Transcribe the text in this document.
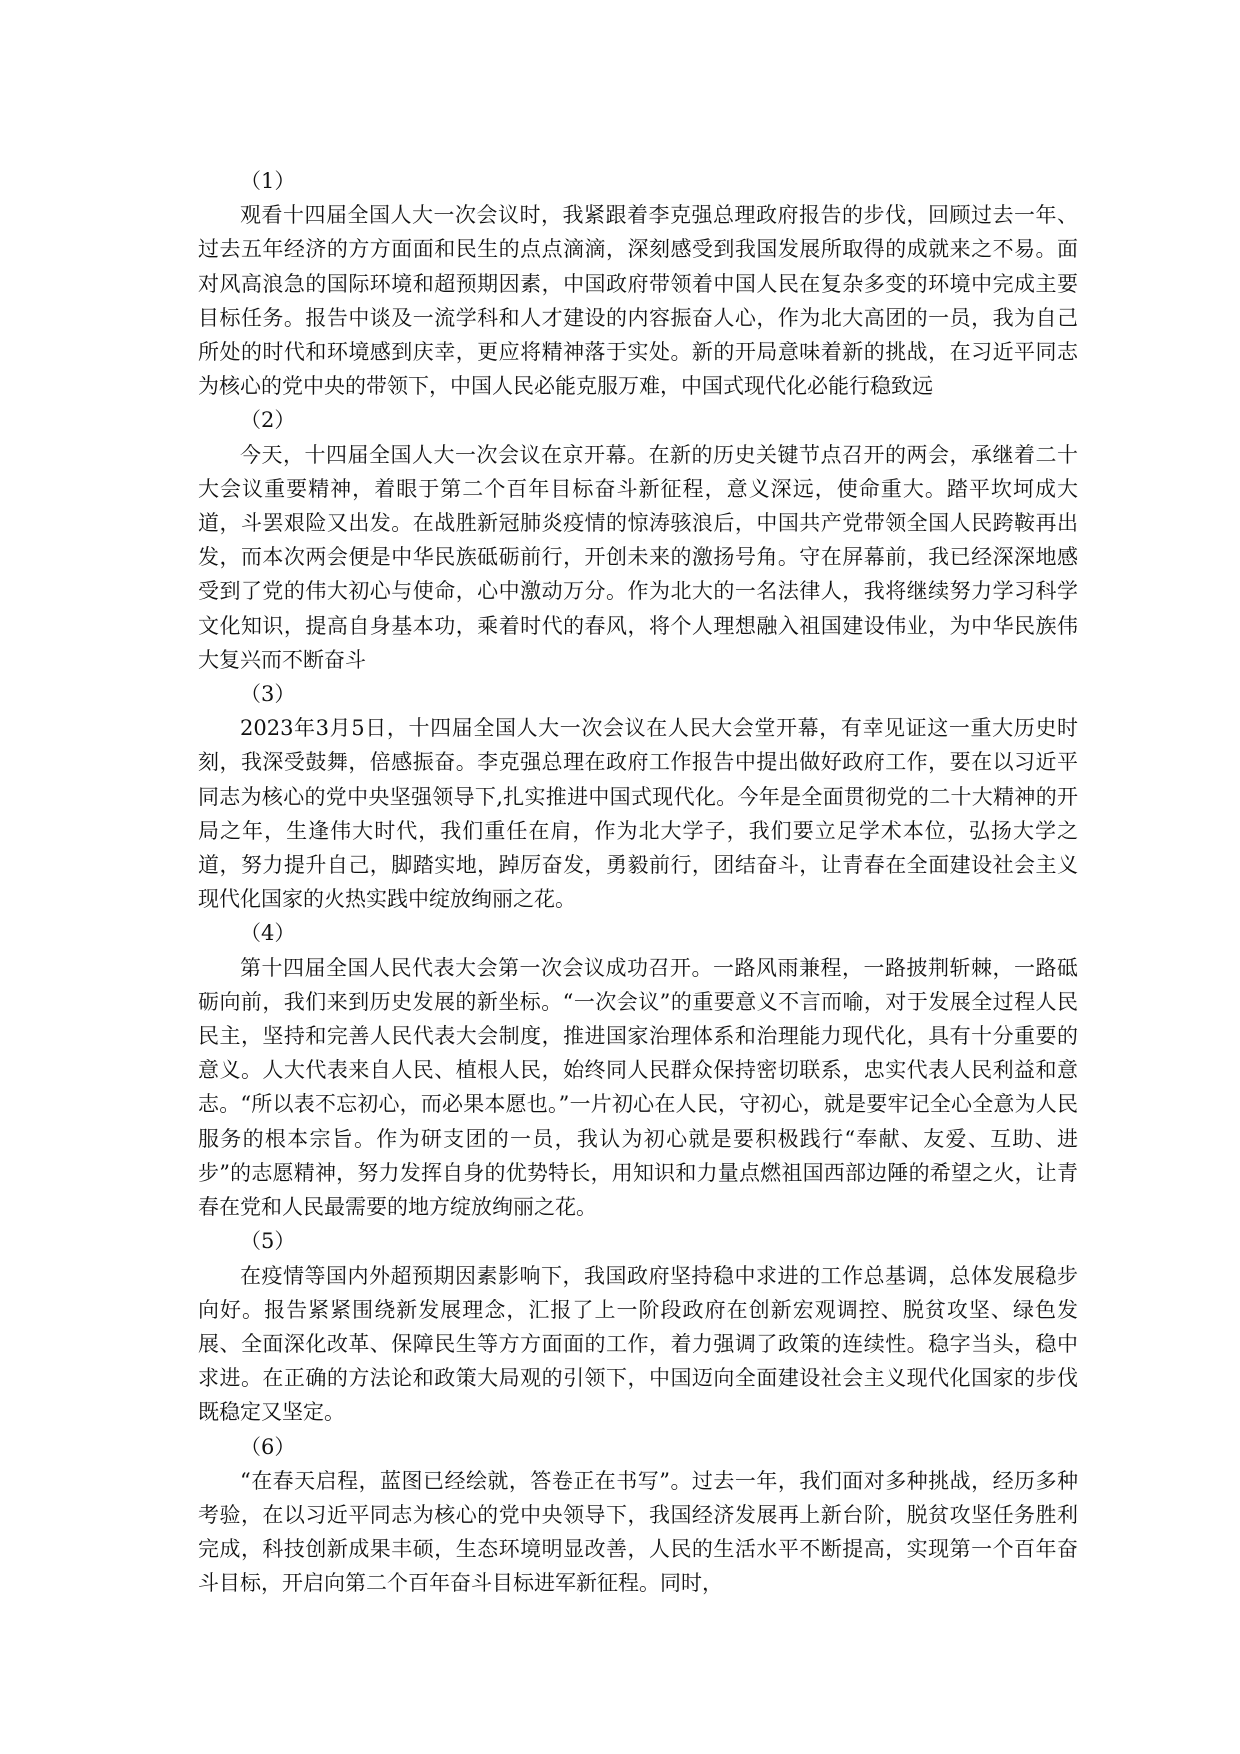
（1）

观看十四届全国人大一次会议时，我紧跟着李克强总理政府报告的步伐，回顾过去一年、过去五年经济的方方面面和民生的点点滴滴，深刻感受到我国发展所取得的成就来之不易。面对风高浪急的国际环境和超预期因素，中国政府带领着中国人民在复杂多变的环境中完成主要目标任务。报告中谈及一流学科和人才建设的内容振奋人心，作为北大高团的一员，我为自己所处的时代和环境感到庆幸，更应将精神落于实处。新的开局意味着新的挑战，在习近平同志为核心的党中央的带领下，中国人民必能克服万难，中国式现代化必能行稳致远

（2）

今天，十四届全国人大一次会议在京开幕。在新的历史关键节点召开的两会，承继着二十大会议重要精神，着眼于第二个百年目标奋斗新征程，意义深远，使命重大。踏平坎坷成大道，斗罢艰险又出发。在战胜新冠肺炎疫情的惊涛骇浪后，中国共产党带领全国人民跨鞍再出发，而本次两会便是中华民族砥砺前行，开创未来的激扬号角。守在屏幕前，我已经深深地感受到了党的伟大初心与使命，心中激动万分。作为北大的一名法律人，我将继续努力学习科学文化知识，提高自身基本功，乘着时代的春风，将个人理想融入祖国建设伟业，为中华民族伟大复兴而不断奋斗

（3）

2023年3月5日，十四届全国人大一次会议在人民大会堂开幕，有幸见证这一重大历史时刻，我深受鼓舞，倍感振奋。李克强总理在政府工作报告中提出做好政府工作，要在以习近平同志为核心的党中央坚强领导下,扎实推进中国式现代化。今年是全面贯彻党的二十大精神的开局之年，生逢伟大时代，我们重任在肩，作为北大学子，我们要立足学术本位，弘扬大学之道，努力提升自己，脚踏实地，踔厉奋发，勇毅前行，团结奋斗，让青春在全面建设社会主义现代化国家的火热实践中绽放绚丽之花。

（4）

第十四届全国人民代表大会第一次会议成功召开。一路风雨兼程，一路披荆斩棘，一路砥砺向前，我们来到历史发展的新坐标。“一次会议”的重要意义不言而喻，对于发展全过程人民民主，坚持和完善人民代表大会制度，推进国家治理体系和治理能力现代化，具有十分重要的意义。人大代表来自人民、植根人民，始终同人民群众保持密切联系，忠实代表人民利益和意志。“所以表不忘初心，而必果本愿也。”一片初心在人民，守初心，就是要牢记全心全意为人民服务的根本宗旨。作为研支团的一员，我认为初心就是要积极践行“奉献、友爱、互助、进步”的志愿精神，努力发挥自身的优势特长，用知识和力量点燃祖国西部边陲的希望之火，让青春在党和人民最需要的地方绽放绚丽之花。

（5）

在疫情等国内外超预期因素影响下，我国政府坚持稳中求进的工作总基调，总体发展稳步向好。报告紧紧围绕新发展理念，汇报了上一阶段政府在创新宏观调控、脱贫攻坚、绿色发展、全面深化改革、保障民生等方方面面的工作，着力强调了政策的连续性。稳字当头，稳中求进。在正确的方法论和政策大局观的引领下，中国迈向全面建设社会主义现代化国家的步伐既稳定又坚定。

（6）

“在春天启程，蓝图已经绘就，答卷正在书写”。过去一年，我们面对多种挑战，经历多种考验，在以习近平同志为核心的党中央领导下，我国经济发展再上新台阶，脱贫攻坚任务胜利完成，科技创新成果丰硕，生态环境明显改善，人民的生活水平不断提高，实现第一个百年奋斗目标，开启向第二个百年奋斗目标进军新征程。同时，
